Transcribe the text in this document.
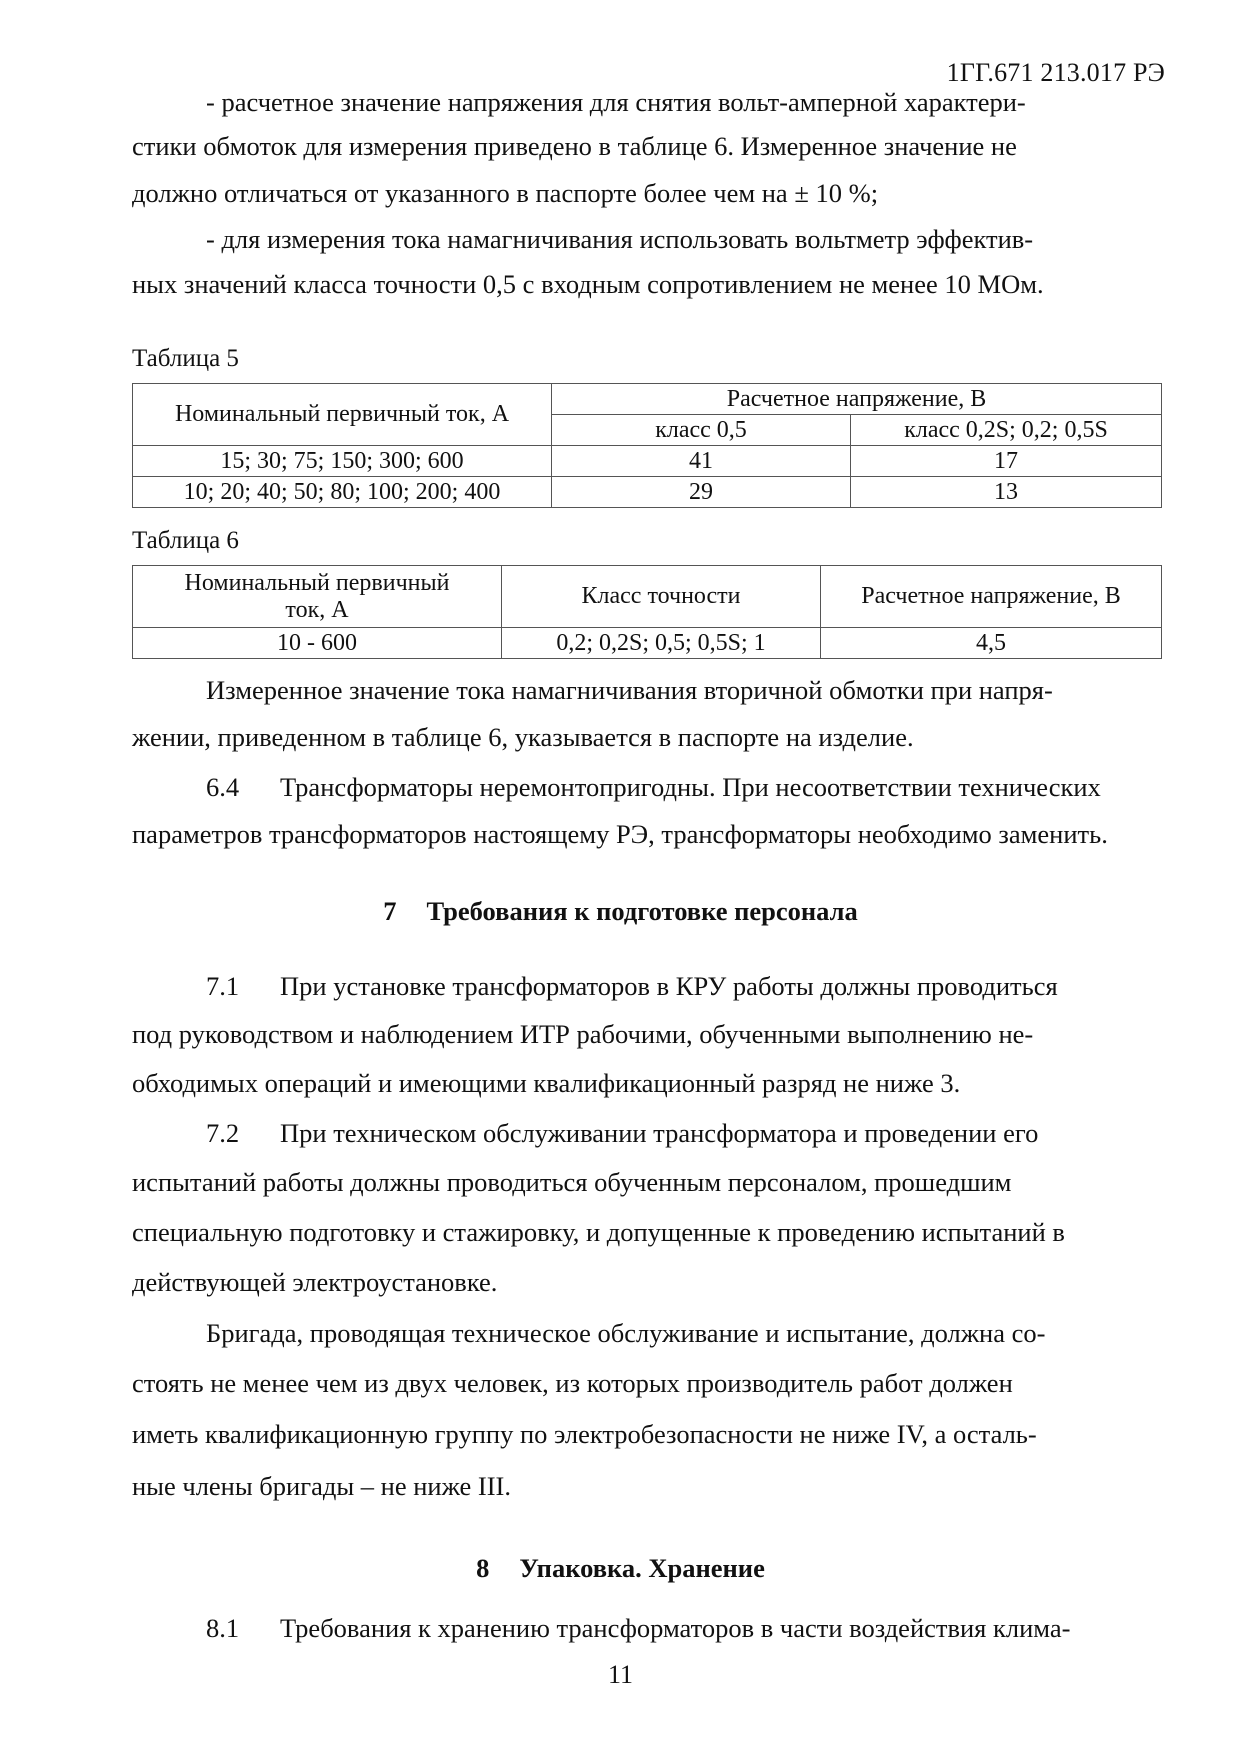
1ГГ.671 213.017 РЭ
- расчетное значение напряжения для снятия вольт-амперной характери-
стики обмоток для измерения приведено в таблице 6. Измеренное значение не
должно отличаться от указанного в паспорте более чем на ± 10 %;
- для измерения тока намагничивания использовать вольтметр эффектив-
ных значений класса точности 0,5 с входным сопротивлением не менее 10 МОм.
Таблица 5
Номинальный первичный ток, А	Расчетное напряжение, В	
	класс 0,5	класс 0,2S; 0,2; 0,5S
15; 30; 75; 150; 300; 600	41	17
10; 20; 40; 50; 80; 100; 200; 400	29	13
Таблица 6
Номинальный первичный
ток, А	Класс точности	Расчетное напряжение, В
10 - 600	0,2; 0,2S; 0,5; 0,5S; 1	4,5
Измеренное значение тока намагничивания вторичной обмотки при напря-
жении, приведенном в таблице 6, указывается в паспорте на изделие.
6.4 Трансформаторы неремонтопригодны. При несоответствии технических
параметров трансформаторов настоящему РЭ, трансформаторы необходимо заменить.
7 Требования к подготовке персонала
7.1 При установке трансформаторов в КРУ работы должны проводиться
под руководством и наблюдением ИТР рабочими, обученными выполнению не-
обходимых операций и имеющими квалификационный разряд не ниже 3.
7.2 При техническом обслуживании трансформатора и проведении его
испытаний работы должны проводиться обученным персоналом, прошедшим
специальную подготовку и стажировку, и допущенные к проведению испытаний в
действующей электроустановке.
Бригада, проводящая техническое обслуживание и испытание, должна со-
стоять не менее чем из двух человек, из которых производитель работ должен
иметь квалификационную группу по электробезопасности не ниже IV, а осталь-
ные члены бригады – не ниже III.
8 Упаковка. Хранение
8.1 Требования к хранению трансформаторов в части воздействия клима-
11
